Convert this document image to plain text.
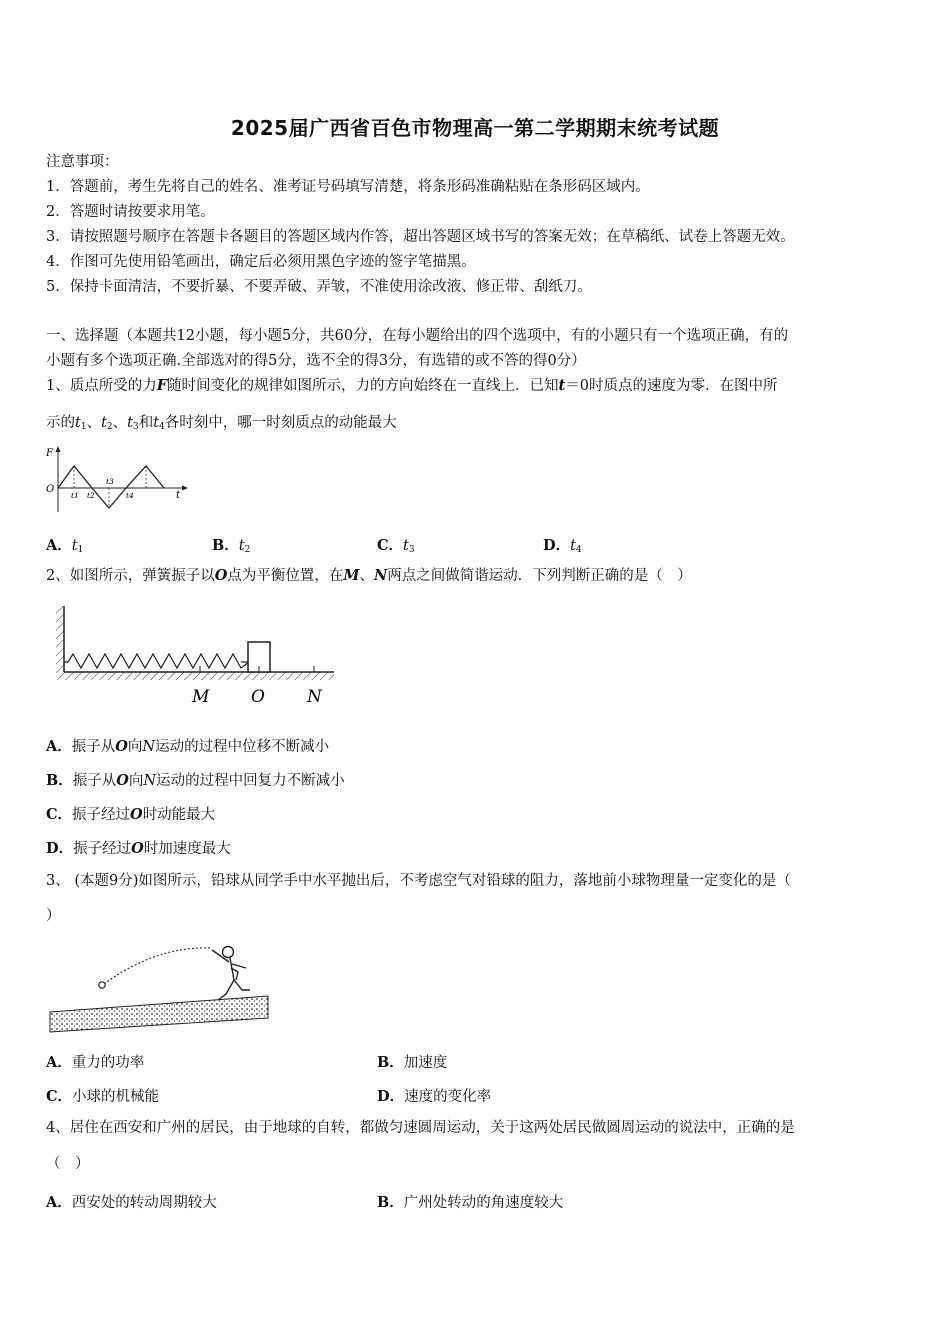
2025届广西省百色市物理高一第二学期期末统考试题
注意事项：
1．答题前，考生先将自己的姓名、准考证号码填写清楚，将条形码准确粘贴在条形码区域内。
2．答题时请按要求用笔。
3．请按照题号顺序在答题卡各题目的答题区域内作答，超出答题区域书写的答案无效；在草稿纸、试卷上答题无效。
4．作图可先使用铅笔画出，确定后必须用黑色字迹的签字笔描黑。
5．保持卡面清洁，不要折暴、不要弄破、弄皱，不准使用涂改液、修正带、刮纸刀。
一、选择题（本题共12小题，每小题5分，共60分，在每小题给出的四个选项中，有的小题只有一个选项正确，有的
小题有多个选项正确.全部选对的得5分，选不全的得3分，有选错的或不答的得0分）
1、质点所受的力F随时间变化的规律如图所示，力的方向始终在一直线上．已知t＝0时质点的速度为零．在图中所
示的$t_1$、$t_2$、$t_3$和$t_4$各时刻中，哪一时刻质点的动能最大
F
O
t
t1 t2
t3
t4
A．$t_1$	B．$t_2$	C．$t_3$	D．$t_4$
2、如图所示，弹簧振子以O点为平衡位置，在M、N两点之间做简谐运动．下列判断正确的是（　）
M O N
A．振子从O向N运动的过程中位移不断减小
B．振子从O向N运动的过程中回复力不断减小
C．振子经过O时动能最大
D．振子经过O时加速度最大
3、 (本题9分)如图所示，铅球从同学手中水平抛出后，不考虑空气对铅球的阻力，落地前小球物理量一定变化的是（
）
A．重力的功率	B．加速度
C．小球的机械能	D．速度的变化率
4、居住在西安和广州的居民，由于地球的自转，都做匀速圆周运动，关于这两处居民做圆周运动的说法中，正确的是
（　）
A．西安处的转动周期较大	B．广州处转动的角速度较大
